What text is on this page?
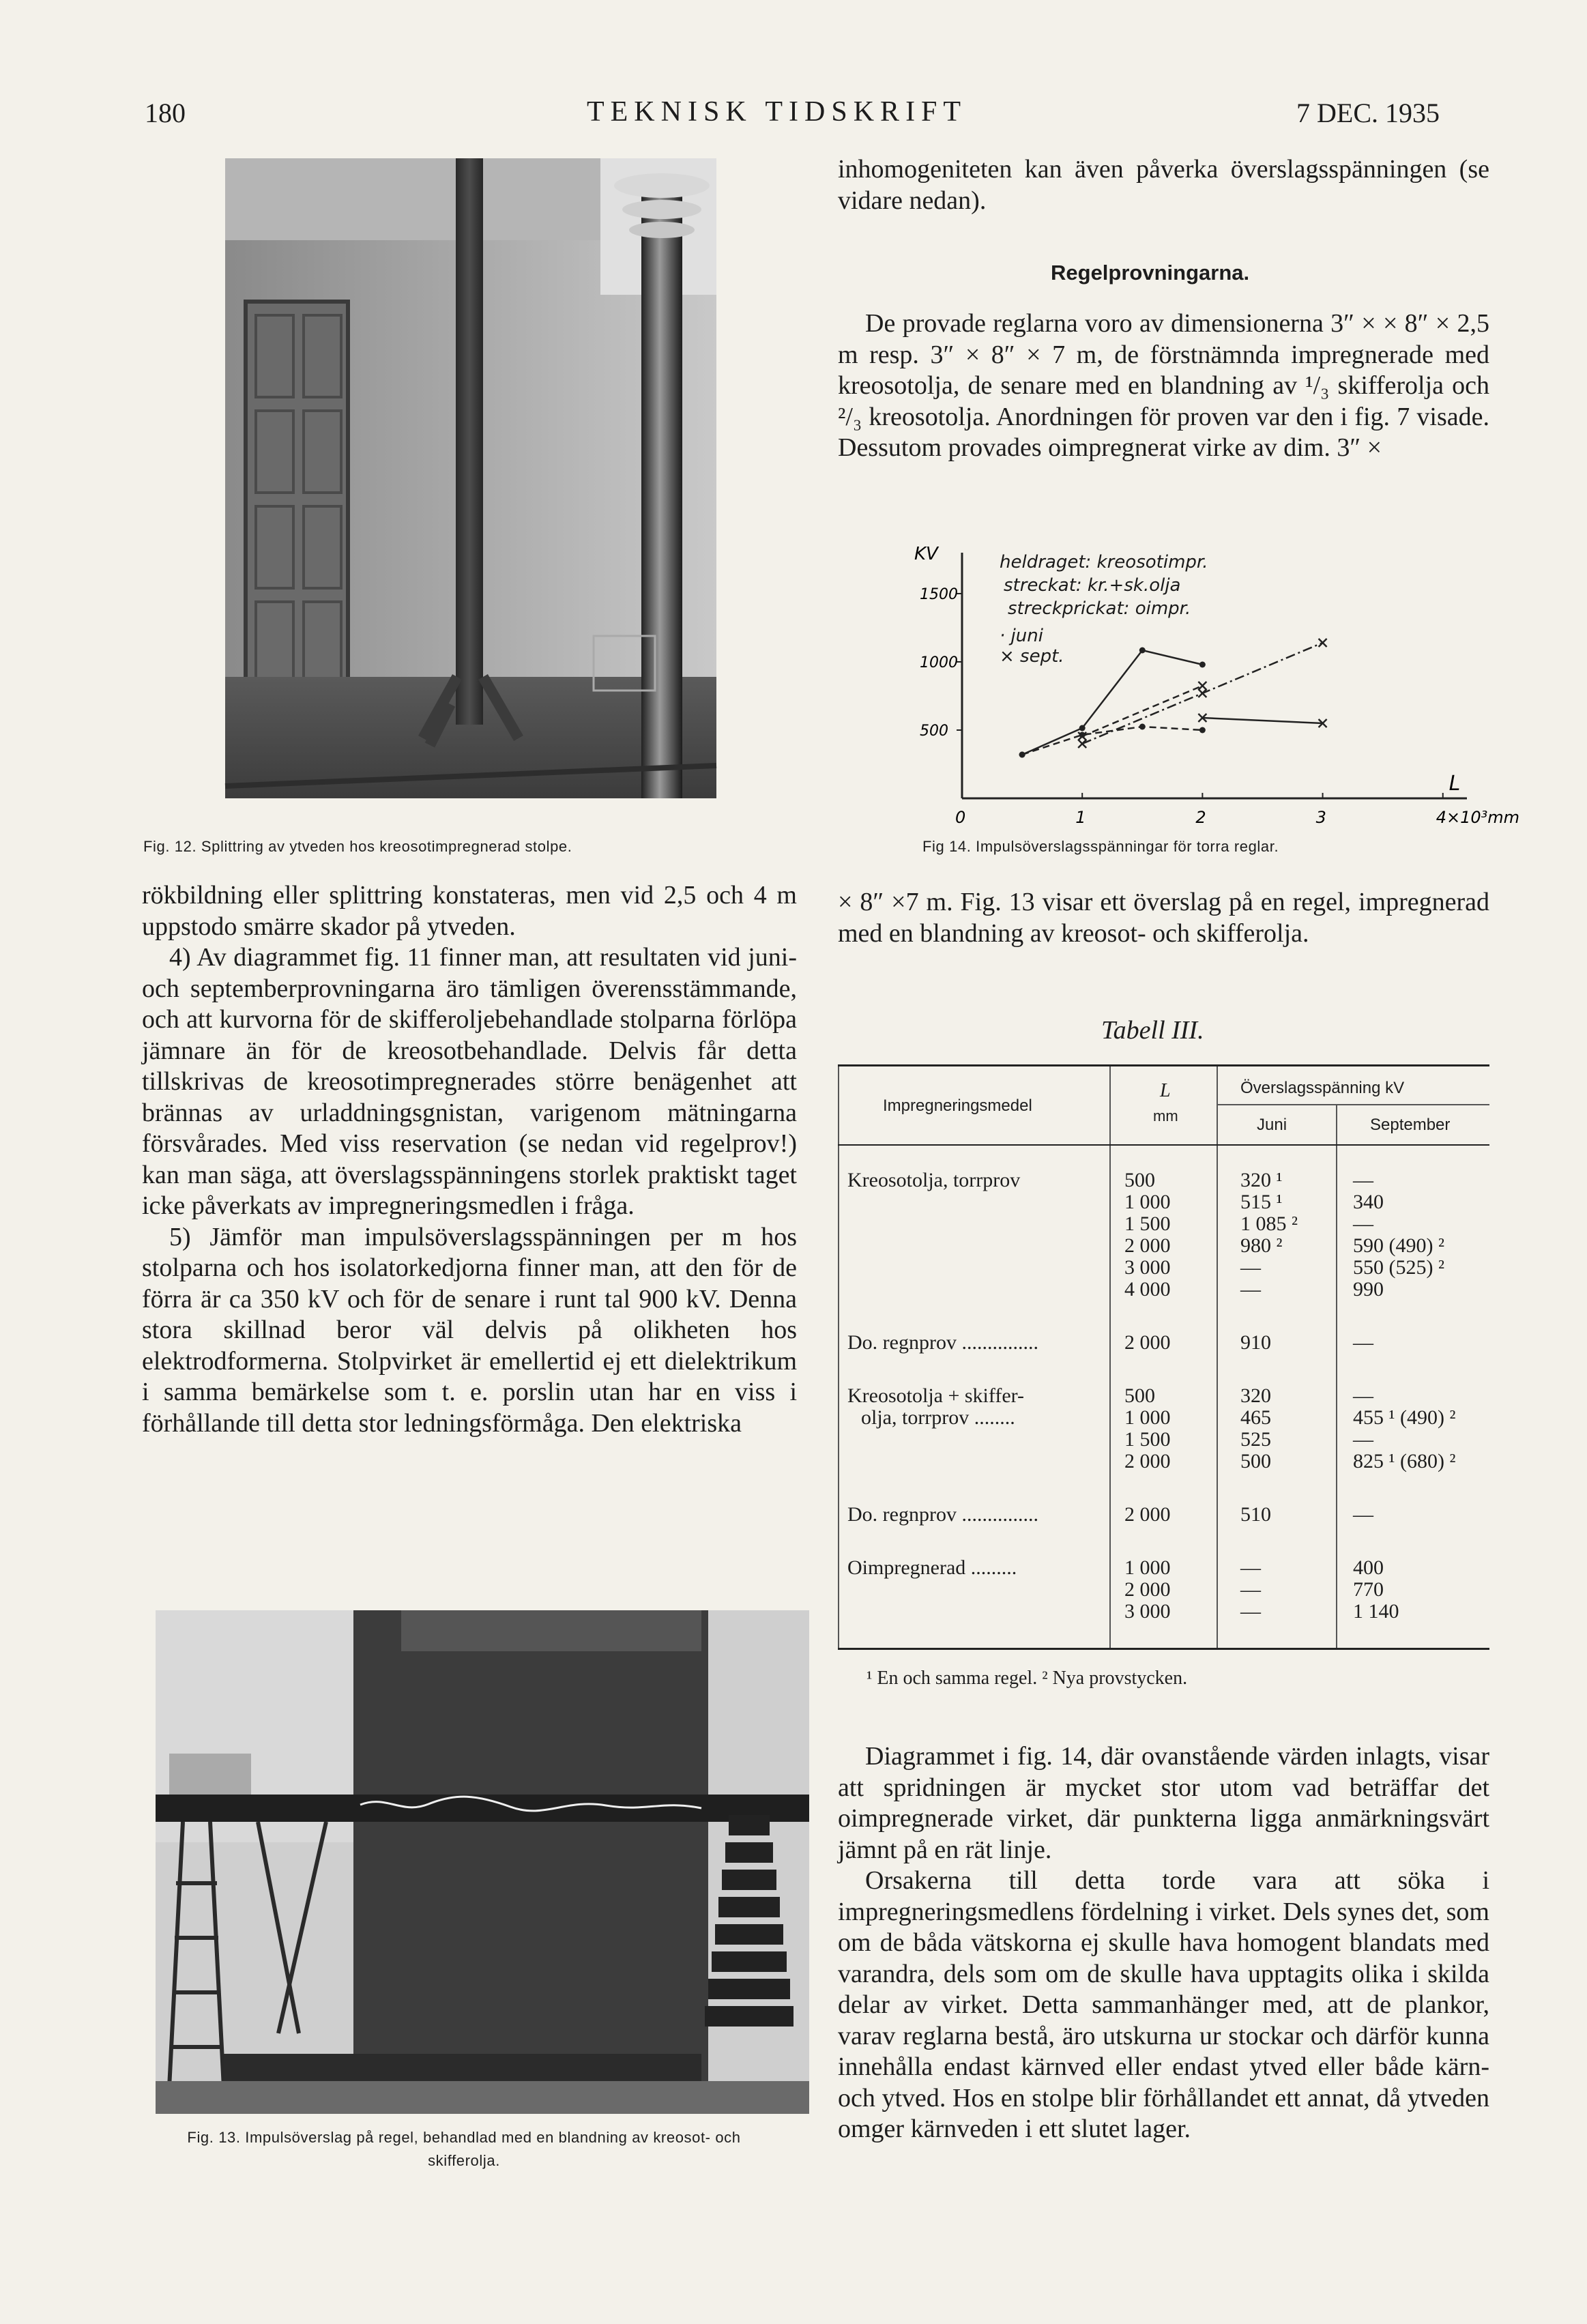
180	TEKNISK TIDSKRIFT	7 DEC. 1935
Fig. 12. Splittring av ytveden hos kreosotimpregnerad stolpe.

inhomogeniteten kan även påverka överslagsspänningen (se vidare nedan).

Regelprovningarna.

De provade reglarna voro av dimensionerna 3″ × × 8″ × 2,5 m resp. 3″ × 8″ × 7 m, de förstnämnda impregnerade med kreosotolja, de senare med en blandning av ¹/₃ skifferolja och ²/₃ kreosotolja. Anordningen för proven var den i fig. 7 visade. Dessutom provades oimpregnerat virke av dim. 3″ ×

KV
L
0	1	2	3	4×10³mm
500
1000
1500
heldraget: kreosotimpr.
streckat: kr.+sk.olja
streckprickat: oimpr.
· juni
× sept.
Fig 14. Impulsöverslagsspänningar för torra reglar.

rökbildning eller splittring konstateras, men vid 2,5 och 4 m uppstodo smärre skador på ytveden.

4) Av diagrammet fig. 11 finner man, att resultaten vid juni- och septemberprovningarna äro tämligen överensstämmande, och att kurvorna för de skifferoljebehandlade stolparna förlöpa jämnare än för de kreosotbehandlade. Delvis får detta tillskrivas de kreosotimpregnerades större benägenhet att brännas av urladdningsgnistan, varigenom mätningarna försvårades. Med viss reservation (se nedan vid regelprov!) kan man säga, att överslagsspänningens storlek praktiskt taget icke påverkats av impregneringsmedlen i fråga.

5) Jämför man impulsöverslagsspänningen per m hos stolparna och hos isolatorkedjorna finner man, att den för de förra är ca 350 kV och för de senare i runt tal 900 kV. Denna stora skillnad beror väl delvis på olikheten hos elektrodformerna. Stolpvirket är emellertid ej ett dielektrikum i samma bemärkelse som t. e. porslin utan har en viss i förhållande till detta stor ledningsförmåga. Den elektriska

× 8″ ×7 m. Fig. 13 visar ett överslag på en regel, impregnerad med en blandning av kreosot- och skifferolja.

Tabell III.
Impregneringsmedel
L
mm
Överslagsspänning kV
Juni	September
Kreosotolja, torrprov	500	320 ¹	—
1 000	515 ¹	340
1 500	1 085 ²	—
2 000	980 ²	590 (490) ²
3 000	—	550 (525) ²
4 000	—	990
Do. regnprov ...............	2 000	910	—
Kreosotolja + skiffer-
olja, torrprov ........
500	320	—
1 000	465	455 ¹ (490) ²
1 500	525	—
2 000	500	825 ¹ (680) ²
Do. regnprov ...............	2 000	510	—
Oimpregnerad .........	1 000	—	400
2 000	—	770
3 000	—	1 140
¹ En och samma regel. ² Nya provstycken.

Diagrammet i fig. 14, där ovanstående värden inlagts, visar att spridningen är mycket stor utom vad beträffar det oimpregnerade virket, där punkterna ligga anmärkningsvärt jämnt på en rät linje.

Orsakerna till detta torde vara att söka i impregneringsmedlens fördelning i virket. Dels synes det, som om de båda vätskorna ej skulle hava homogent blandats med varandra, dels som om de skulle hava upptagits olika i skilda delar av virket. Detta sammanhänger med, att de plankor, varav reglarna bestå, äro utskurna ur stockar och därför kunna innehålla endast kärnved eller endast ytved eller både kärn- och ytved. Hos en stolpe blir förhållandet ett annat, då ytveden omger kärnveden i ett slutet lager.

Fig. 13. Impulsöverslag på regel, behandlad med en blandning av kreosot- och skifferolja.
